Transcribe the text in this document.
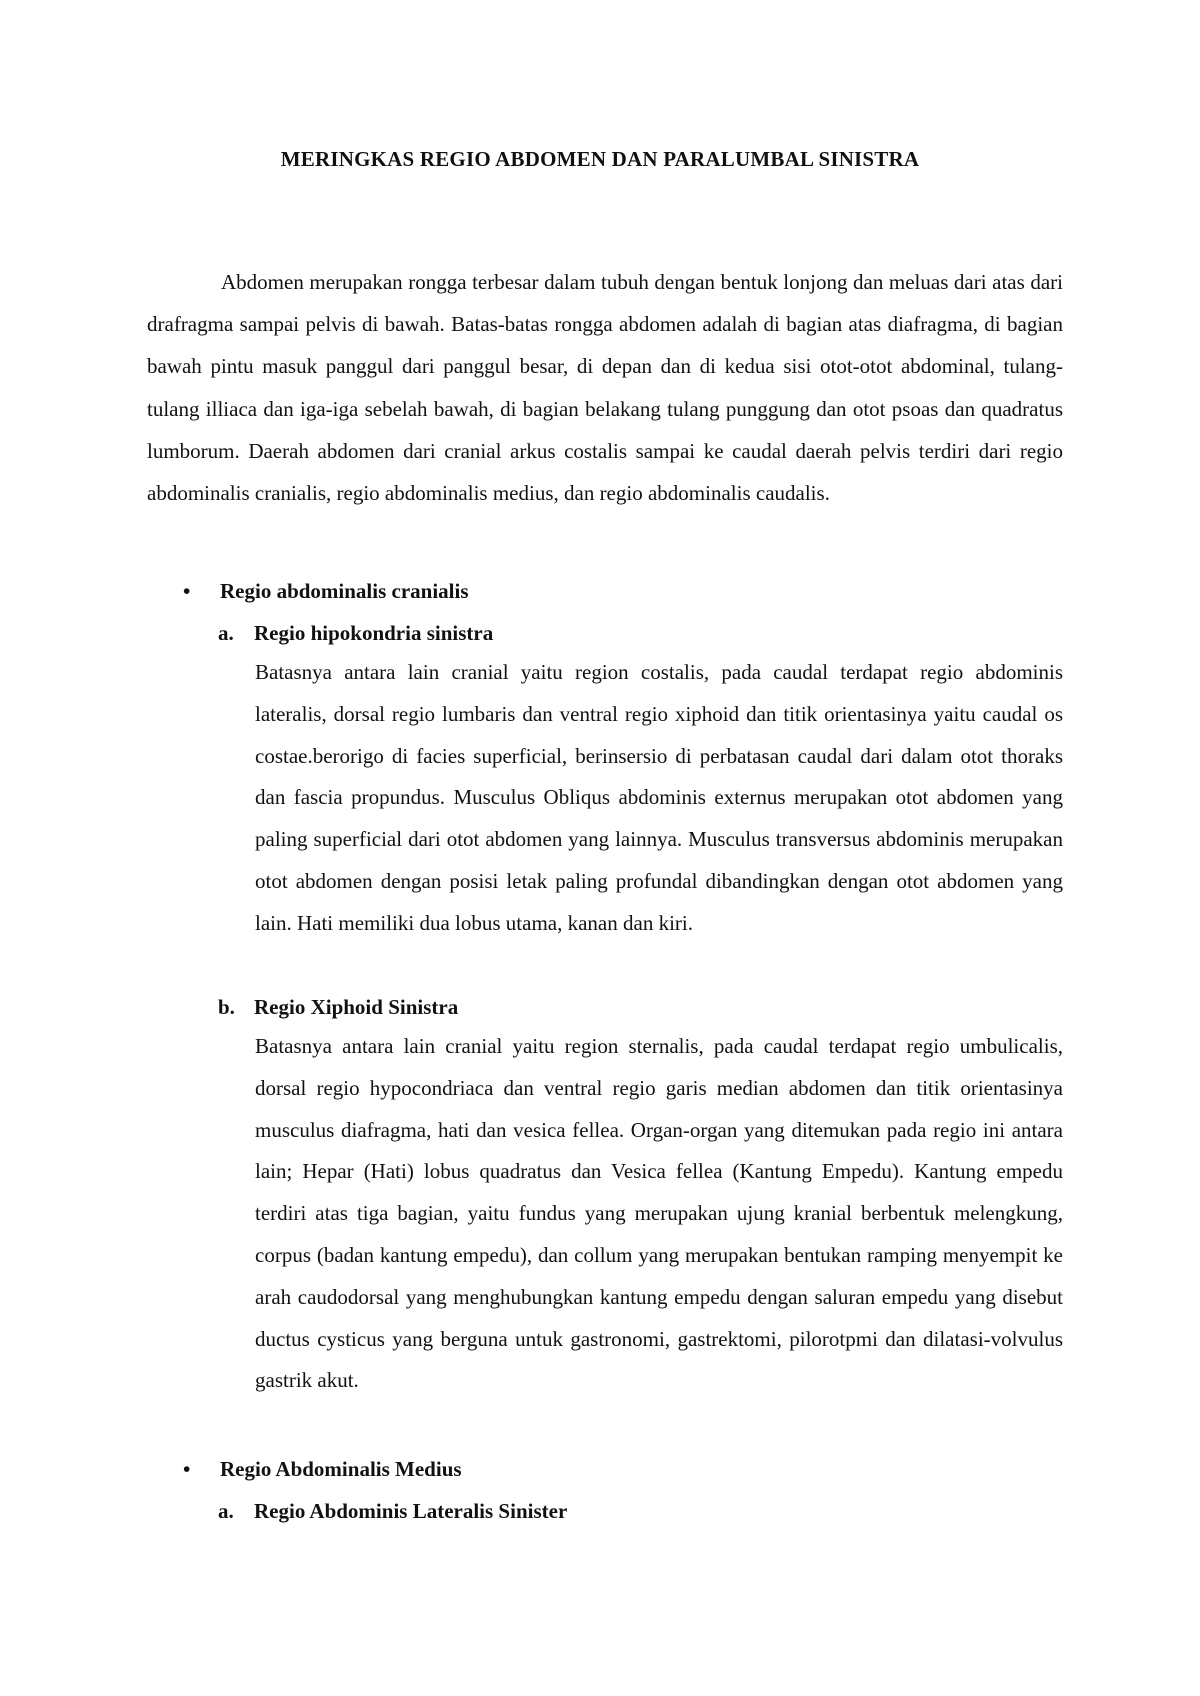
MERINGKAS REGIO ABDOMEN DAN PARALUMBAL SINISTRA

Abdomen merupakan rongga terbesar dalam tubuh dengan bentuk lonjong dan meluas dari atas dari drafragma sampai pelvis di bawah. Batas-batas rongga abdomen adalah di bagian atas diafragma, di bagian bawah pintu masuk panggul dari panggul besar, di depan dan di kedua sisi otot-otot abdominal, tulang-tulang illiaca dan iga-iga sebelah bawah, di bagian belakang tulang punggung dan otot psoas dan quadratus lumborum. Daerah abdomen dari cranial arkus costalis sampai ke caudal daerah pelvis terdiri dari regio abdominalis cranialis, regio abdominalis medius, dan regio abdominalis caudalis.

•	Regio abdominalis cranialis
a. Regio hipokondria sinistra

Batasnya antara lain cranial yaitu region costalis, pada caudal terdapat regio abdominis lateralis, dorsal regio lumbaris dan ventral regio xiphoid dan titik orientasinya yaitu caudal os costae.berorigo di facies superficial, berinsersio di perbatasan caudal dari dalam otot thoraks dan fascia propundus. Musculus Obliqus abdominis externus merupakan otot abdomen yang paling superficial dari otot abdomen yang lainnya. Musculus transversus abdominis merupakan otot abdomen dengan posisi letak paling profundal dibandingkan dengan otot abdomen yang lain. Hati memiliki dua lobus utama, kanan dan kiri.

b. Regio Xiphoid Sinistra

Batasnya antara lain cranial yaitu region sternalis, pada caudal terdapat regio umbulicalis, dorsal regio hypocondriaca dan ventral regio garis median abdomen dan titik orientasinya musculus diafragma, hati dan vesica fellea. Organ-organ yang ditemukan pada regio ini antara lain; Hepar (Hati) lobus quadratus dan Vesica fellea (Kantung Empedu). Kantung empedu terdiri atas tiga bagian, yaitu fundus yang merupakan ujung kranial berbentuk melengkung, corpus (badan kantung empedu), dan collum yang merupakan bentukan ramping menyempit ke arah caudodorsal yang menghubungkan kantung empedu dengan saluran empedu yang disebut ductus cysticus yang berguna untuk gastronomi, gastrektomi, pilorotpmi dan dilatasi-volvulus gastrik akut.

•	Regio Abdominalis Medius
a. Regio Abdominis Lateralis Sinister
